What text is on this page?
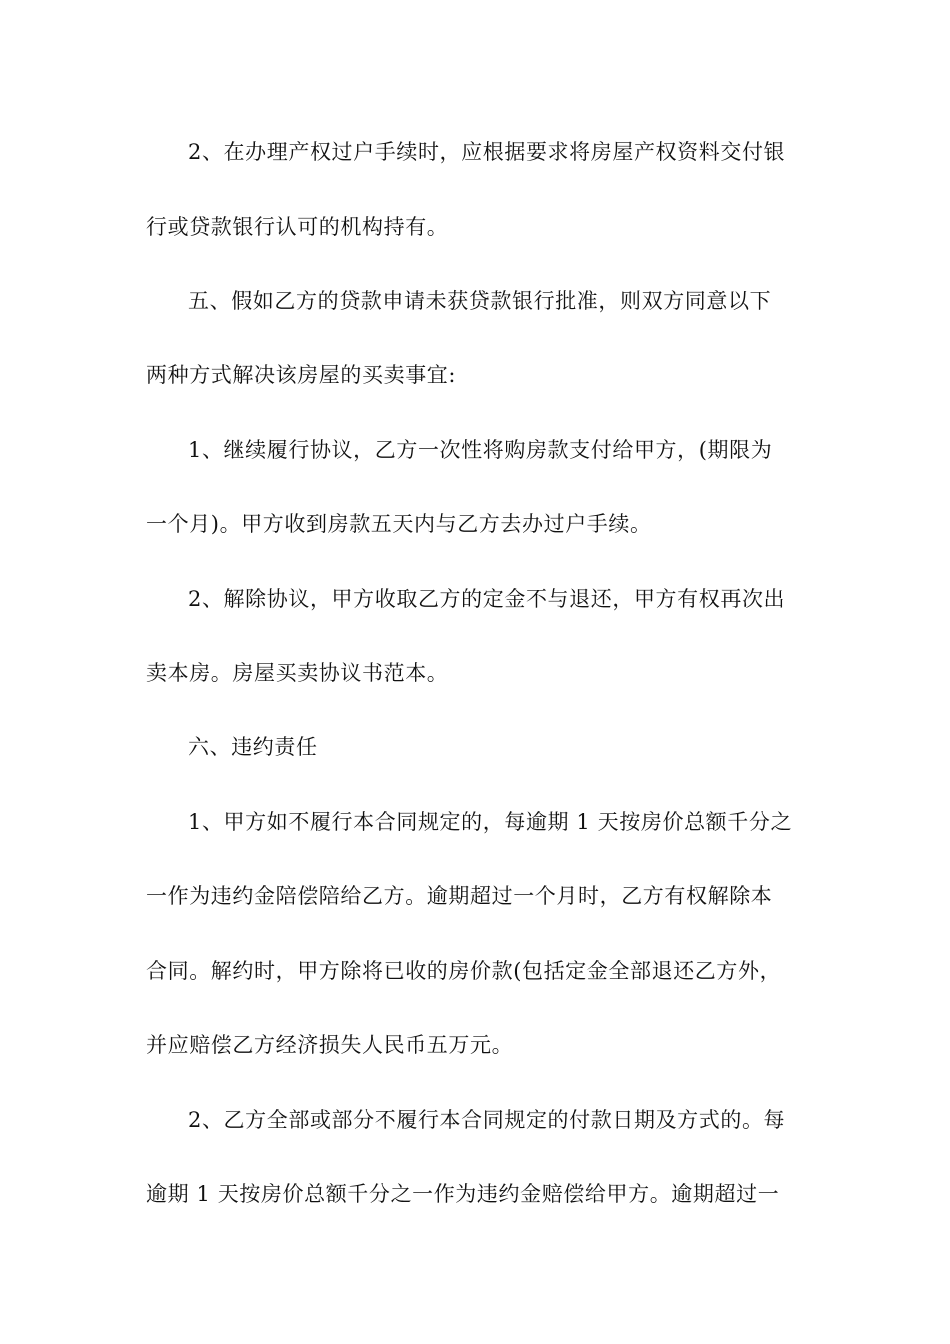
2、在办理产权过户手续时，应根据要求将房屋产权资料交付银
行或贷款银行认可的机构持有。
五、假如乙方的贷款申请未获贷款银行批准，则双方同意以下
两种方式解决该房屋的买卖事宜:
1、继续履行协议，乙方一次性将购房款支付给甲方，(期限为
一个月)。甲方收到房款五天内与乙方去办过户手续。
2、解除协议，甲方收取乙方的定金不与退还，甲方有权再次出
卖本房。房屋买卖协议书范本。
六、违约责任
1、甲方如不履行本合同规定的，每逾期 1 天按房价总额千分之
一作为违约金陪偿陪给乙方。逾期超过一个月时，乙方有权解除本
合同。解约时，甲方除将已收的房价款(包括定金全部退还乙方外，
并应赔偿乙方经济损失人民币五万元。
2、乙方全部或部分不履行本合同规定的付款日期及方式的。每
逾期 1 天按房价总额千分之一作为违约金赔偿给甲方。逾期超过一
